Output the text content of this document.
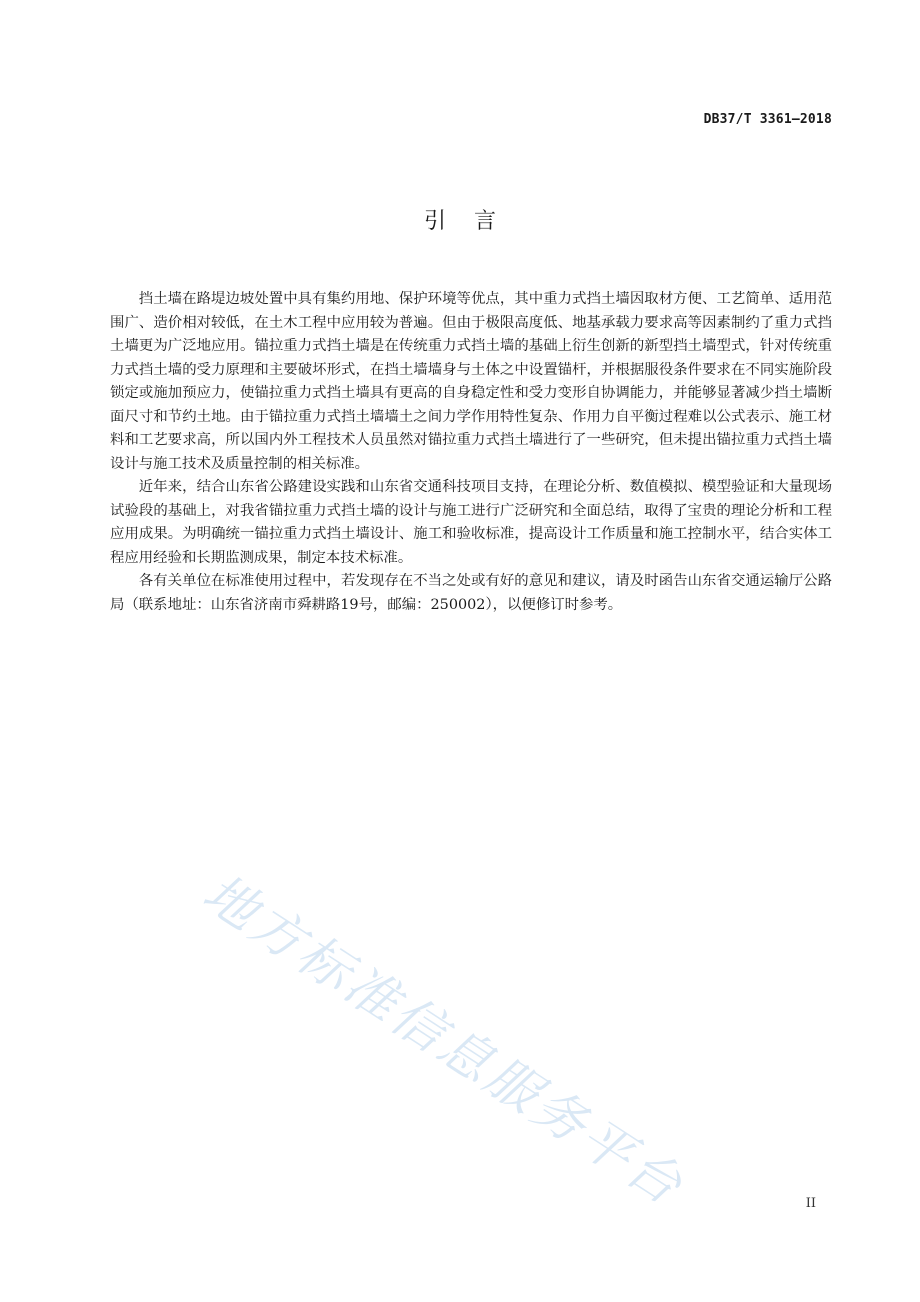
DB37/T 3361—2018
引言

挡土墙在路堤边坡处置中具有集约用地、保护环境等优点，其中重力式挡土墙因取材方便、工艺简单、适用范围广、造价相对较低，在土木工程中应用较为普遍。但由于极限高度低、地基承载力要求高等因素制约了重力式挡土墙更为广泛地应用。锚拉重力式挡土墙是在传统重力式挡土墙的基础上衍生创新的新型挡土墙型式，针对传统重力式挡土墙的受力原理和主要破坏形式，在挡土墙墙身与土体之中设置锚杆，并根据服役条件要求在不同实施阶段锁定或施加预应力，使锚拉重力式挡土墙具有更高的自身稳定性和受力变形自协调能力，并能够显著减少挡土墙断面尺寸和节约土地。由于锚拉重力式挡土墙墙土之间力学作用特性复杂、作用力自平衡过程难以公式表示、施工材料和工艺要求高，所以国内外工程技术人员虽然对锚拉重力式挡土墙进行了一些研究，但未提出锚拉重力式挡土墙设计与施工技术及质量控制的相关标准。

近年来，结合山东省公路建设实践和山东省交通科技项目支持，在理论分析、数值模拟、模型验证和大量现场试验段的基础上，对我省锚拉重力式挡土墙的设计与施工进行广泛研究和全面总结，取得了宝贵的理论分析和工程应用成果。为明确统一锚拉重力式挡土墙设计、施工和验收标准，提高设计工作质量和施工控制水平，结合实体工程应用经验和长期监测成果，制定本技术标准。

各有关单位在标准使用过程中，若发现存在不当之处或有好的意见和建议，请及时函告山东省交通运输厅公路局（联系地址：山东省济南市舜耕路19号，邮编：250002），以便修订时参考。

地方标准信息服务平台	II
